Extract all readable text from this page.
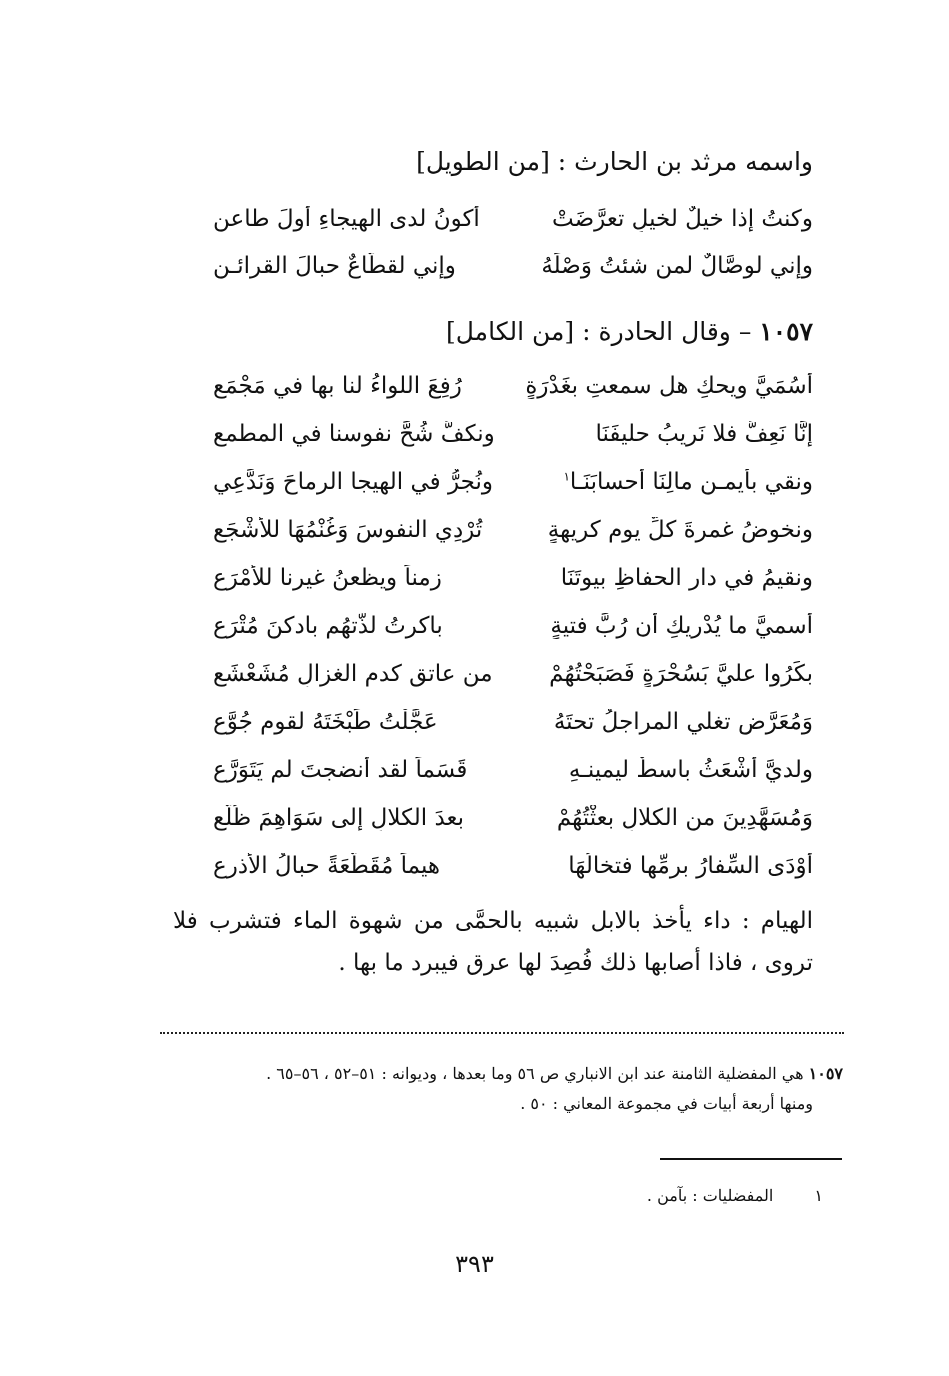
واسمه مرثد بن الحارث : [من الطويل]
وكنتُ إذا خيلٌ لخيلٍ تعرَّضَتْ
أكونُ لدى الهيجاءِ أولَ طاعن
وإني لوصَّالٌ لمن شئتُ وَصْلَهُ
وإني لقطَّاعٌ حبالَ القرائـن
١٠٥٧ – وقال الحادرة : [من الكامل]
أسُمَيَّ ويحكِ هل سمعتِ بغَدْرَةٍ
رُفِعَ اللواءُ لنا بها في مَجْمَعِ
إنَّا نَعِفُّ فلا نَرِيبُ حليفَنَا
ونكفُّ شُحَّ نفوسنا في المطمعِ
ونقي بأيمـنِ مالِنَا أحسابَنَـا$^١$
ونُجرُّ في الهيجا الرماحَ وَنَدَّعِي
ونخوضُ غمرةَ كلِّ يومِ كريهةٍ
تُرْدِي النفوسَ وَغُنْمُهَا للأَشْجَعِ
ونقيمُ في دارِ الحفاظِ بيوتَنَا
زمناً ويظعنُ غيرنا للأَمْرَعِ
أسميَّ ما يُدْريكِ أن رُبَّ فتيةٍ
باكرتُ لذَّتهُم بادكنَ مُتْرَعِ
بكَرُوا عليَّ بَسُحْرَةٍ فَصَبَحْتُهُمْ
من عاتقٍ كدمِ الغزالِ مُشَعْشَعِ
وَمُعَرَّضٍ تغلي المراجلُ تحتَهُ
عَجَّلْتُ طَبْخَتَهُ لقومٍ جُوَّعِ
ولديَّ أشْعَثُ باسطٌ ليمينـهِ
قَسَماً لقد أنضجتَ لم يَتَوَرَّعِ
وَمُسَهَّدِينَ من الكلالِ بعثْتُهُمْ
بعدَ الكلالِ إلى سَوَاهِمَ ظُلَّعِ
أَوْدَى السِّفارُ برِمِّها فتخالُهَا
هيماً مُقَطَّعَةً حبالُ الأذرعِ
الهيام : داء يأخذ بالابل شبيه بالحمَّى من شهوة الماء فتشرب فلا تروى ، فاذا أصابها ذلك فُصِدَ لها عرق فيبرد ما بها .
١٠٥٧ هي المفضلية الثامنة عند ابن الانباري ص ٥٦ وما بعدها ، وديوانه : ٥١–٥٢ ، ٥٦–٦٥ .
ومنها أربعة أبيات في مجموعة المعاني : ٥٠ .
١ المفضليات : بآمن .
٣٩٣
